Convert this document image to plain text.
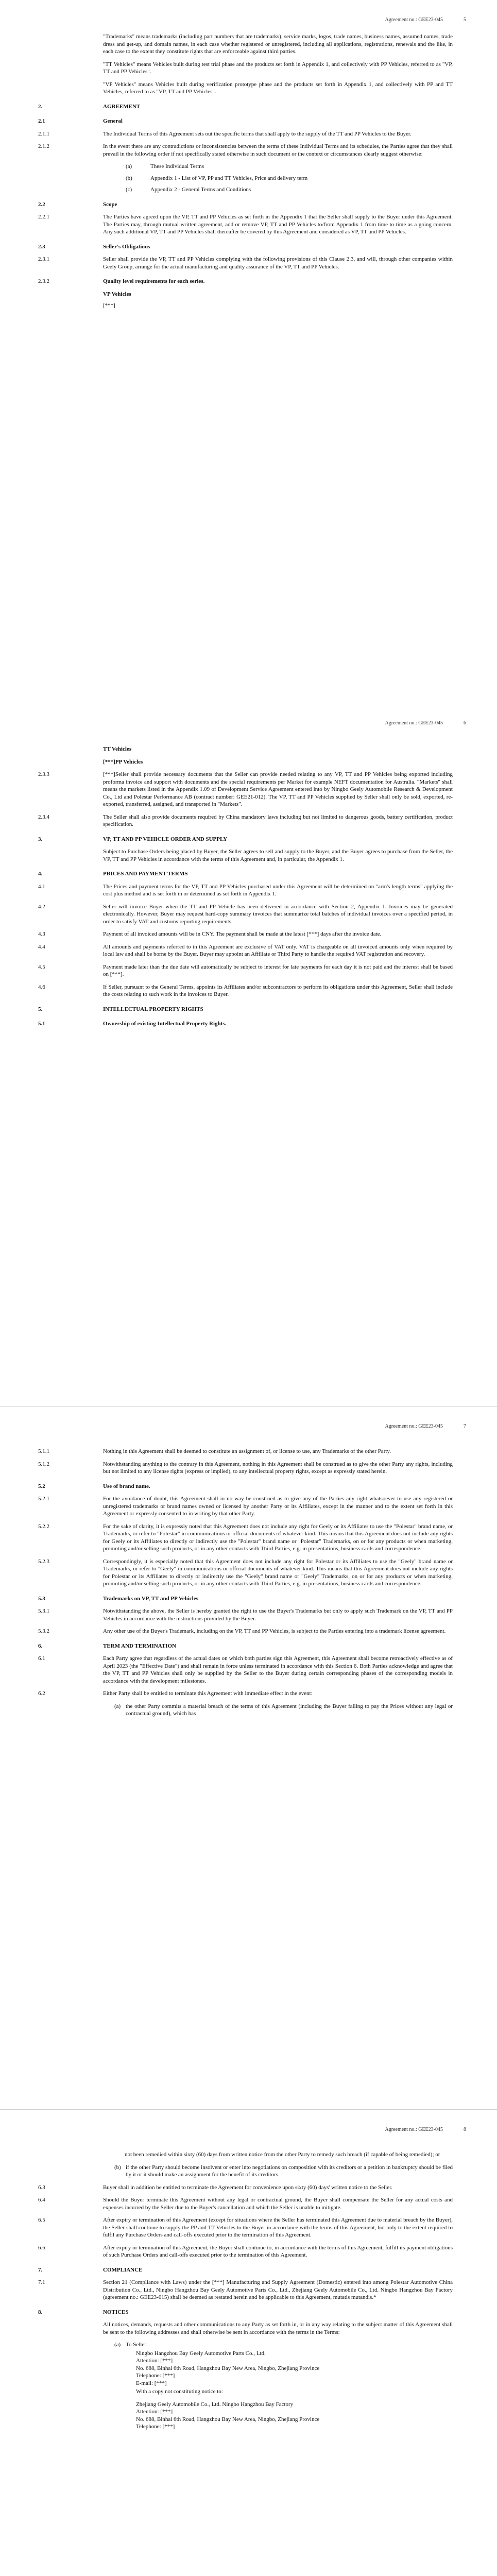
Agreement no.: GEE23-045	5
"Trademarks" means trademarks (including part numbers that are trademarks), service marks, logos, trade names, business names, assumed names, trade dress and get-up, and domain names, in each case whether registered or unregistered, including all applications, registrations, renewals and the like, in each case to the extent they constitute rights that are enforceable against third parties.
"TT Vehicles" means Vehicles built during test trial phase and the products set forth in Appendix 1, and collectively with PP Vehicles, referred to as "VP, TT and PP Vehicles".
"VP Vehicles" means Vehicles built during verification prototype phase and the products set forth in Appendix 1, and collectively with PP and TT Vehicles, referred to as "VP, TT and PP Vehicles".
2.	AGREEMENT
2.1	General
2.1.1	The Individual Terms of this Agreement sets out the specific terms that shall apply to the supply of the TT and PP Vehicles to the Buyer.
2.1.2	In the event there are any contradictions or inconsistencies between the terms of these Individual Terms and its schedules, the Parties agree that they shall prevail in the following order if not specifically stated otherwise in such document or the context or circumstances clearly suggest otherwise:
(a)	These Individual Terms
(b)	Appendix 1 - List of VP, PP and TT Vehicles, Price and delivery term
(c)	Appendix 2 - General Terms and Conditions
2.2	Scope
2.2.1	The Parties have agreed upon the VP, TT and PP Vehicles as set forth in the Appendix 1 that the Seller shall supply to the Buyer under this Agreement. The Parties may, through mutual written agreement, add or remove VP, TT and PP Vehicles to/from Appendix 1 from time to time as a going concern. Any such additional VP, TT and PP Vehicles shall thereafter be covered by this Agreement and considered as VP, TT and PP Vehicles.
2.3	Seller's Obligations
2.3.1	Seller shall provide the VP, TT and PP Vehicles complying with the following provisions of this Clause 2.3, and will, through other companies within Geely Group, arrange for the actual manufacturing and quality assurance of the VP, TT and PP Vehicles.
2.3.2	Quality level requirements for each series.
VP Vehicles
[***]
Agreement no.: GEE23-045	6
TT Vehicles
[***]PP Vehicles
2.3.3	[***]Seller shall provide necessary documents that the Seller can provide needed relating to any VP, TT and PP Vehicles being exported including proforma invoice and support with documents and the special requirements per Market for example NEFT documentation for Australia. "Markets" shall means the markets listed in the Appendix 1.09 of Development Service Agreement entered into by Ningbo Geely Automobile Research & Development Co., Ltd and Polestar Performance AB (contract number: GEE21-012). The VP, TT and PP Vehicles supplied by Seller shall only be sold, exported, re-exported, transferred, assigned, and transported in "Markets".
2.3.4	The Seller shall also provide documents required by China mandatory laws including but not limited to dangerous goods, battery certification, product specification.
3.	VP, TT AND PP VEHICLE ORDER AND SUPPLY
Subject to Purchase Orders being placed by Buyer, the Seller agrees to sell and supply to the Buyer, and the Buyer agrees to purchase from the Seller, the VP, TT and PP Vehicles in accordance with the terms of this Agreement and, in particular, the Appendix 1.
4.	PRICES AND PAYMENT TERMS
4.1	The Prices and payment terms for the VP, TT and PP Vehicles purchased under this Agreement will be determined on "arm's length terms" applying the cost plus method and is set forth in or determined as set forth in Appendix 1.
4.2	Seller will invoice Buyer when the TT and PP Vehicle has been delivered in accordance with Section 2, Appendix 1. Invoices may be generated electronically. However, Buyer may request hard-copy summary invoices that summarize total batches of individual invoices over a specified period, in order to satisfy VAT and customs reporting requirements.
4.3	Payment of all invoiced amounts will be in CNY. The payment shall be made at the latest [***] days after the invoice date.
4.4	All amounts and payments referred to in this Agreement are exclusive of VAT only. VAT is chargeable on all invoiced amounts only when required by local law and shall be borne by the Buyer. Buyer may appoint an Affiliate or Third Party to handle the required VAT registration and recovery.
4.5	Payment made later than the due date will automatically be subject to interest for late payments for each day it is not paid and the interest shall be based on [***].
4.6	If Seller, pursuant to the General Terms, appoints its Affiliates and/or subcontractors to perform its obligations under this Agreement, Seller shall include the costs relating to such work in the invoices to Buyer.
5.	INTELLECTUAL PROPERTY RIGHTS
5.1	Ownership of existing Intellectual Property Rights.
Agreement no.: GEE23-045	7
5.1.1	Nothing in this Agreement shall be deemed to constitute an assignment of, or license to use, any Trademarks of the other Party.
5.1.2	Notwithstanding anything to the contrary in this Agreement, nothing in this Agreement shall be construed as to give the other Party any rights, including but not limited to any license rights (express or implied), to any intellectual property rights, except as expressly stated herein.
5.2	Use of brand name.
5.2.1	For the avoidance of doubt, this Agreement shall in no way be construed as to give any of the Parties any right whatsoever to use any registered or unregistered trademarks or brand names owned or licensed by another Party or its Affiliates, except in the manner and to the extent set forth in this Agreement or expressly consented to in writing by that other Party.
5.2.2	For the sake of clarity, it is expressly noted that this Agreement does not include any right for Geely or its Affiliates to use the "Polestar" brand name, or Trademarks, or refer to "Polestar" in communications or official documents of whatever kind. This means that this Agreement does not include any rights for Geely or its Affiliates to directly or indirectly use the "Polestar" brand name or "Polestar" Trademarks, on or for any products or when marketing, promoting and/or selling such products, or in any other contacts with Third Parties, e.g. in presentations, business cards and correspondence.
5.2.3	Correspondingly, it is especially noted that this Agreement does not include any right for Polestar or its Affiliates to use the "Geely" brand name or Trademarks, or refer to "Geely" in communications or official documents of whatever kind. This means that this Agreement does not include any rights for Polestar or its Affiliates to directly or indirectly use the "Geely" brand name or "Geely" Trademarks, on or for any products or when marketing, promoting and/or selling such products, or in any other contacts with Third Parties, e.g. in presentations, business cards and correspondence.
5.3	Trademarks on VP, TT and PP Vehicles
5.3.1	Notwithstanding the above, the Seller is hereby granted the right to use the Buyer's Trademarks but only to apply such Trademark on the VP, TT and PP Vehicles in accordance with the instructions provided by the Buyer.
5.3.2	Any other use of the Buyer's Trademark, including on the VP, TT and PP Vehicles, is subject to the Parties entering into a trademark license agreement.
6.	TERM AND TERMINATION
6.1	Each Party agree that regardless of the actual dates on which both parties sign this Agreement, this Agreement shall become retroactively effective as of April 2023 (the "Effective Date") and shall remain in force unless terminated in accordance with this Section 6. Both Parties acknowledge and agree that the VP, TT and PP Vehicles shall only be supplied by the Seller to the Buyer during certain corresponding phases of the corresponding models in accordance with the development milestones.
6.2	Either Party shall be entitled to terminate this Agreement with immediate effect in the event:
(a) the other Party commits a material breach of the terms of this Agreement (including the Buyer failing to pay the Prices without any legal or contractual ground), which has
Agreement no.: GEE23-045	8
not been remedied within sixty (60) days from written notice from the other Party to remedy such breach (if capable of being remedied); or
(b) if the other Party should become insolvent or enter into negotiations on composition with its creditors or a petition in bankruptcy should be filed by it or it should make an assignment for the benefit of its creditors.
6.3	Buyer shall in addition be entitled to terminate the Agreement for convenience upon sixty (60) days' written notice to the Seller.
6.4	Should the Buyer terminate this Agreement without any legal or contractual ground, the Buyer shall compensate the Seller for any actual costs and expenses incurred by the Seller due to the Buyer's cancellation and which the Seller is unable to mitigate.
6.5	After expiry or termination of this Agreement (except for situations where the Seller has terminated this Agreement due to material breach by the Buyer), the Seller shall continue to supply the PP and TT Vehicles to the Buyer in accordance with the terms of this Agreement, but only to the extent required to fulfil any Purchase Orders and call-offs executed prior to the termination of this Agreement.
6.6	After expiry or termination of this Agreement, the Buyer shall continue to, in accordance with the terms of this Agreement, fulfill its payment obligations of such Purchase Orders and call-offs executed prior to the termination of this Agreement.
7.	COMPLIANCE
7.1	Section 21 (Compliance with Laws) under the [***] Manufacturing and Supply Agreement (Domestic) entered into among Polestar Automotive China Distribution Co., Ltd., Ningbo Hangzhou Bay Geely Automotive Parts Co., Ltd., Zhejiang Geely Automobile Co., Ltd. Ningbo Hangzhou Bay Factory (agreement no.: GEE23-015) shall be deemed as restated herein and be applicable to this Agreement, mutatis mutandis.*
8.	NOTICES
All notices, demands, requests and other communications to any Party as set forth in, or in any way relating to the subject matter of this Agreement shall be sent to the following addresses and shall otherwise be sent in accordance with the terms in the Terms:
(a) To Seller:
Ningbo Hangzhou Bay Geely Automotive Parts Co., Ltd.
Attention: [***]
No. 688, Binhai 6th Road, Hangzhou Bay New Area, Ningbo, Zhejiang Province
Telephone: [***]
E-mail: [***]
With a copy not constituting notice to:
Zhejiang Geely Automobile Co., Ltd. Ningbo Hangzhou Bay Factory
Attention: [***]
No. 688, Binhai 6th Road, Hangzhou Bay New Area, Ningbo, Zhejiang Province
Telephone: [***]
